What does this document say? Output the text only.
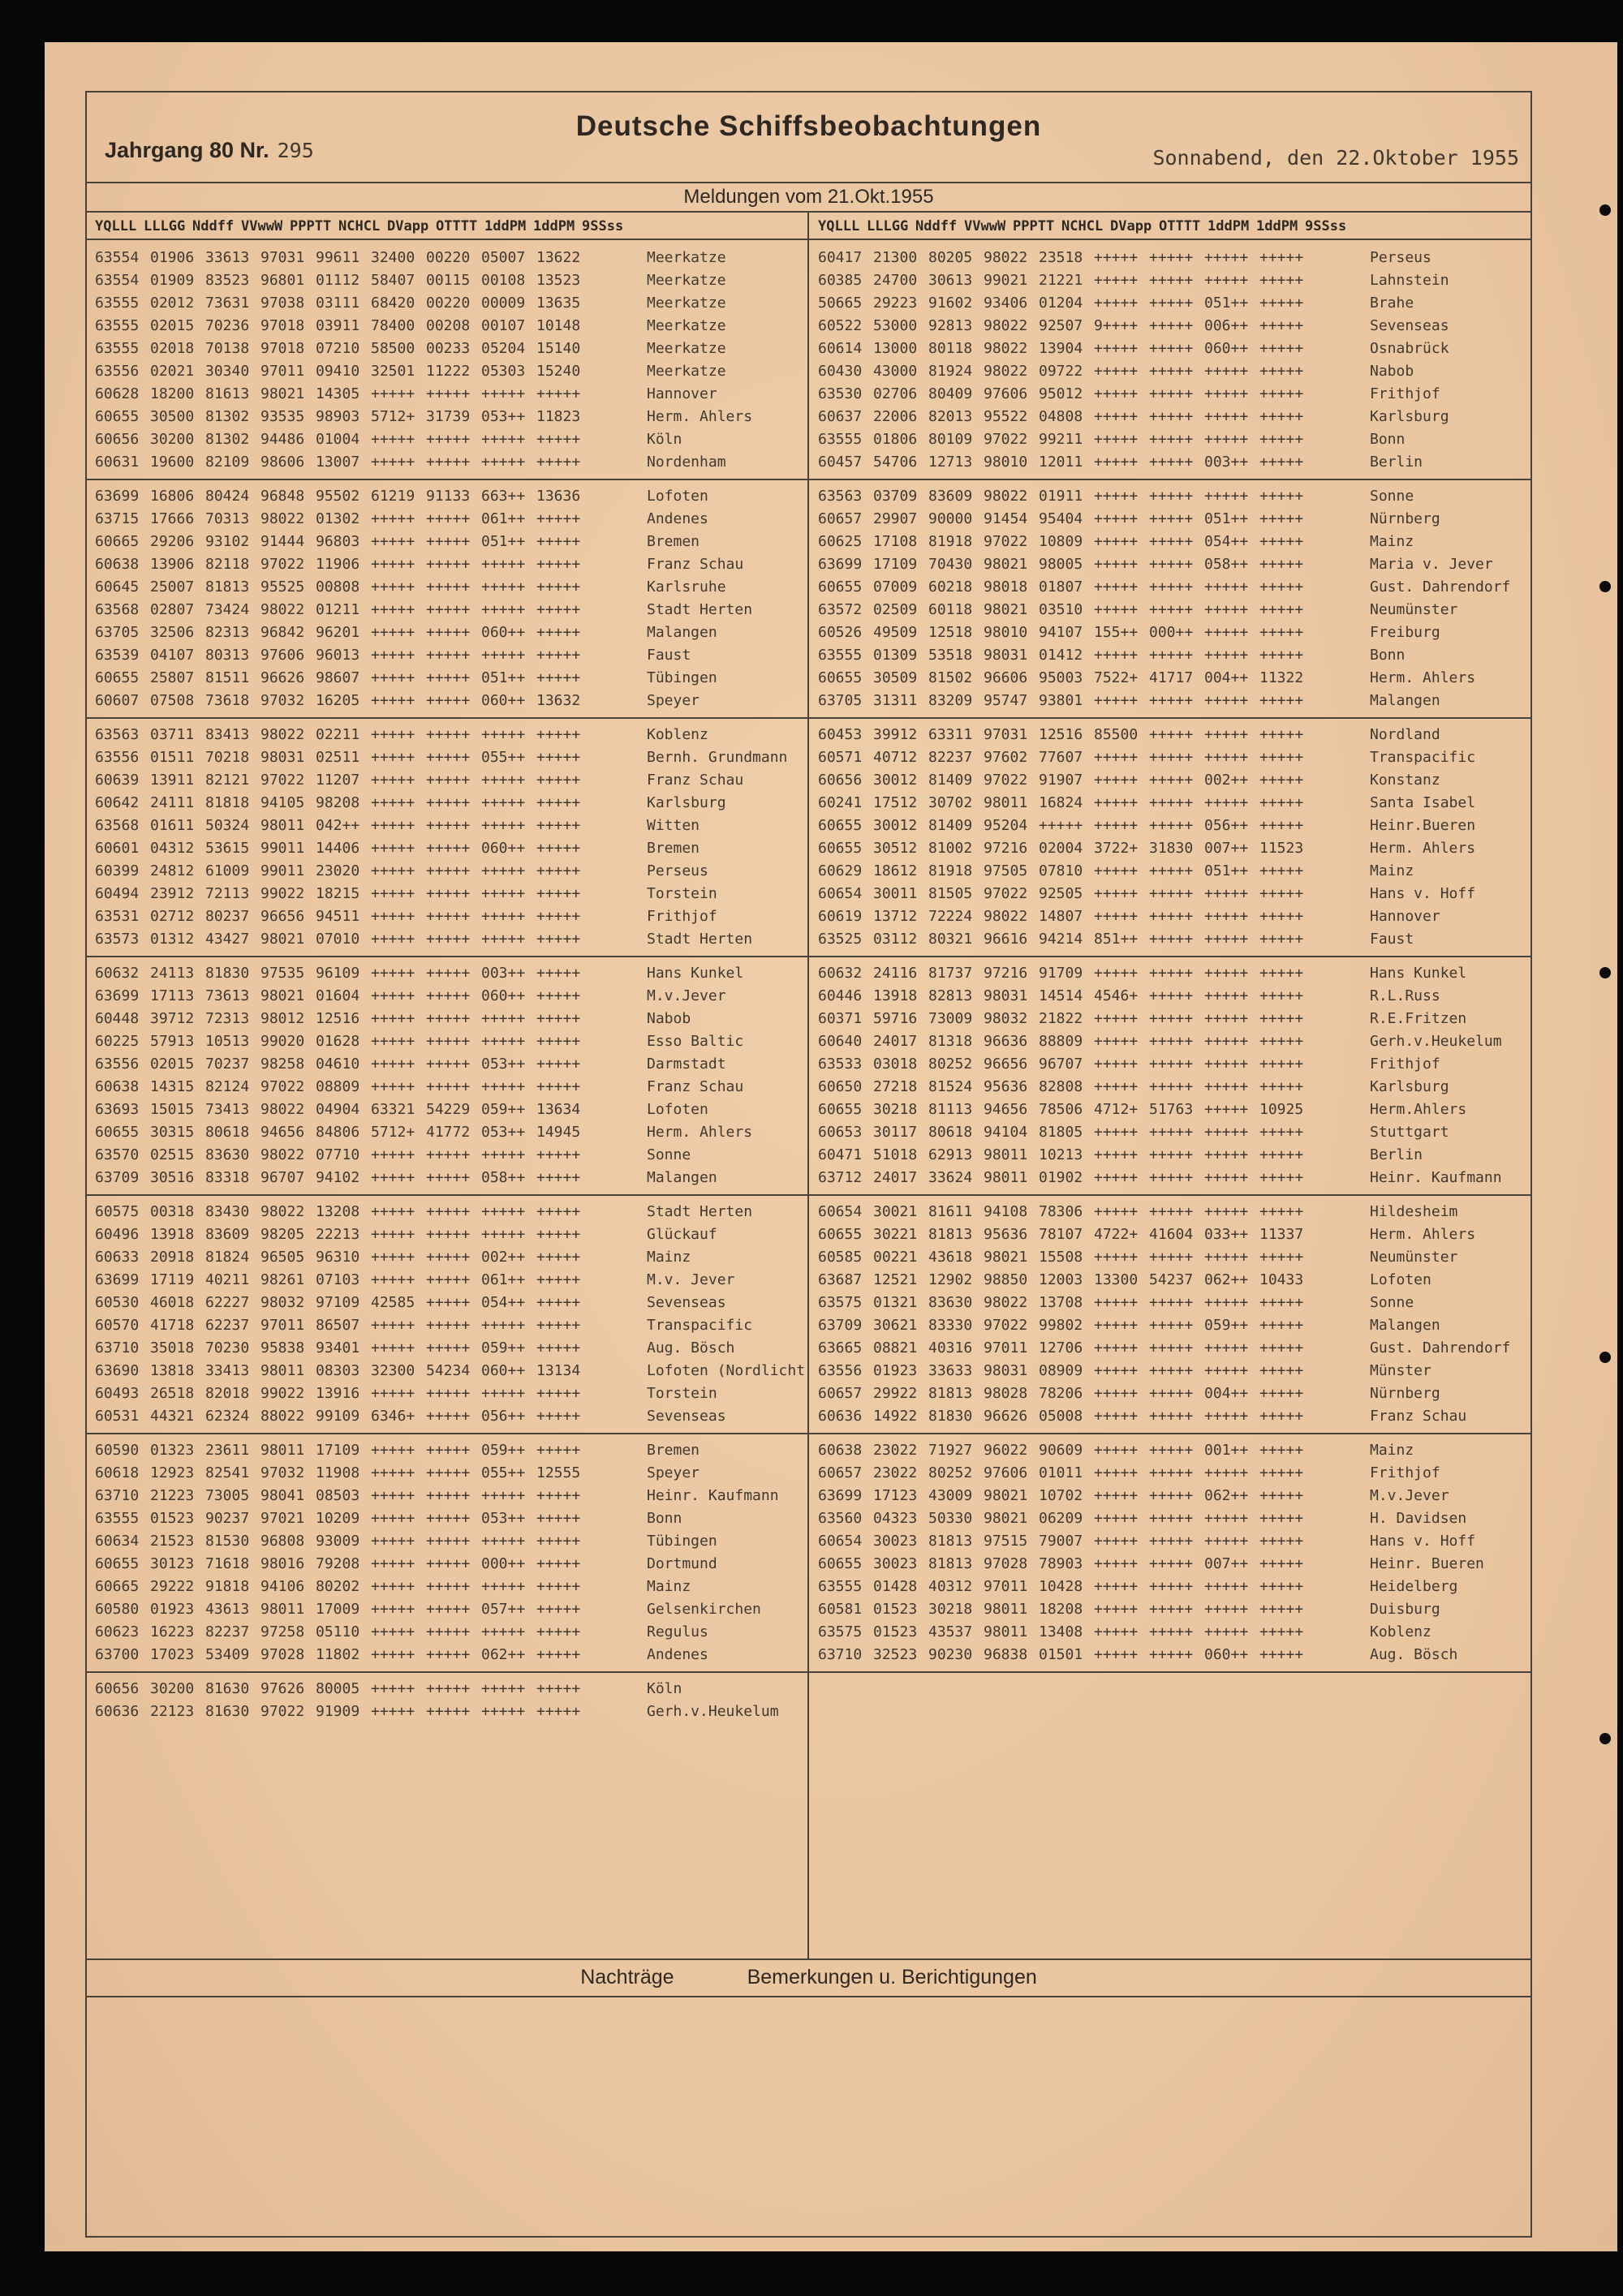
Deutsche Schiffsbeobachtungen
Jahrgang 80 Nr. 295	Sonnabend, den 22.Oktober 1955
Meldungen vom 21.Okt.1955
YQLLL LLLGG Nddff VVwwW PPPTT NCHCL DVapp OTTTT 1ddPM 1ddPM 9SSss	YQLLL LLLGG Nddff VVwwW PPPTT NCHCL DVapp OTTTT 1ddPM 1ddPM 9SSss
63554 01906 33613 97031 99611 32400 00220 05007 13622	Meerkatze
63554 01909 83523 96801 01112 58407 00115 00108 13523	Meerkatze
63555 02012 73631 97038 03111 68420 00220 00009 13635	Meerkatze
63555 02015 70236 97018 03911 78400 00208 00107 10148	Meerkatze
63555 02018 70138 97018 07210 58500 00233 05204 15140	Meerkatze
63556 02021 30340 97011 09410 32501 11222 05303 15240	Meerkatze
60628 18200 81613 98021 14305 +++++ +++++ +++++ +++++	Hannover
60655 30500 81302 93535 98903 5712+ 31739 053++ 11823	Herm. Ahlers
60656 30200 81302 94486 01004 +++++ +++++ +++++ +++++	Köln
60631 19600 82109 98606 13007 +++++ +++++ +++++ +++++	Nordenham
60417 21300 80205 98022 23518 +++++ +++++ +++++ +++++	Perseus
60385 24700 30613 99021 21221 +++++ +++++ +++++ +++++	Lahnstein
50665 29223 91602 93406 01204 +++++ +++++ 051++ +++++	Brahe
60522 53000 92813 98022 92507 9++++ +++++ 006++ +++++	Sevenseas
60614 13000 80118 98022 13904 +++++ +++++ 060++ +++++	Osnabrück
60430 43000 81924 98022 09722 +++++ +++++ +++++ +++++	Nabob
63530 02706 80409 97606 95012 +++++ +++++ +++++ +++++	Frithjof
60637 22006 82013 95522 04808 +++++ +++++ +++++ +++++	Karlsburg
63555 01806 80109 97022 99211 +++++ +++++ +++++ +++++	Bonn
60457 54706 12713 98010 12011 +++++ +++++ 003++ +++++	Berlin
63699 16806 80424 96848 95502 61219 91133 663++ 13636	Lofoten
63715 17666 70313 98022 01302 +++++ +++++ 061++ +++++	Andenes
60665 29206 93102 91444 96803 +++++ +++++ 051++ +++++	Bremen
60638 13906 82118 97022 11906 +++++ +++++ +++++ +++++	Franz Schau
60645 25007 81813 95525 00808 +++++ +++++ +++++ +++++	Karlsruhe
63568 02807 73424 98022 01211 +++++ +++++ +++++ +++++	Stadt Herten
63705 32506 82313 96842 96201 +++++ +++++ 060++ +++++	Malangen
63539 04107 80313 97606 96013 +++++ +++++ +++++ +++++	Faust
60655 25807 81511 96626 98607 +++++ +++++ 051++ +++++	Tübingen
60607 07508 73618 97032 16205 +++++ +++++ 060++ 13632	Speyer
63563 03709 83609 98022 01911 +++++ +++++ +++++ +++++	Sonne
60657 29907 90000 91454 95404 +++++ +++++ 051++ +++++	Nürnberg
60625 17108 81918 97022 10809 +++++ +++++ 054++ +++++	Mainz
63699 17109 70430 98021 98005 +++++ +++++ 058++ +++++	Maria v. Jever
60655 07009 60218 98018 01807 +++++ +++++ +++++ +++++	Gust. Dahrendorf
63572 02509 60118 98021 03510 +++++ +++++ +++++ +++++	Neumünster
60526 49509 12518 98010 94107 155++ 000++ +++++ +++++	Freiburg
63555 01309 53518 98031 01412 +++++ +++++ +++++ +++++	Bonn
60655 30509 81502 96606 95003 7522+ 41717 004++ 11322	Herm. Ahlers
63705 31311 83209 95747 93801 +++++ +++++ +++++ +++++	Malangen
63563 03711 83413 98022 02211 +++++ +++++ +++++ +++++	Koblenz
63556 01511 70218 98031 02511 +++++ +++++ 055++ +++++	Bernh. Grundmann
60639 13911 82121 97022 11207 +++++ +++++ +++++ +++++	Franz Schau
60642 24111 81818 94105 98208 +++++ +++++ +++++ +++++	Karlsburg
63568 01611 50324 98011 042++ +++++ +++++ +++++ +++++	Witten
60601 04312 53615 99011 14406 +++++ +++++ 060++ +++++	Bremen
60399 24812 61009 99011 23020 +++++ +++++ +++++ +++++	Perseus
60494 23912 72113 99022 18215 +++++ +++++ +++++ +++++	Torstein
63531 02712 80237 96656 94511 +++++ +++++ +++++ +++++	Frithjof
63573 01312 43427 98021 07010 +++++ +++++ +++++ +++++	Stadt Herten
60453 39912 63311 97031 12516 85500 +++++ +++++ +++++	Nordland
60571 40712 82237 97602 77607 +++++ +++++ +++++ +++++	Transpacific
60656 30012 81409 97022 91907 +++++ +++++ 002++ +++++	Konstanz
60241 17512 30702 98011 16824 +++++ +++++ +++++ +++++	Santa Isabel
60655 30012 81409 95204 +++++ +++++ +++++ 056++ +++++	Heinr.Bueren
60655 30512 81002 97216 02004 3722+ 31830 007++ 11523	Herm. Ahlers
60629 18612 81918 97505 07810 +++++ +++++ 051++ +++++	Mainz
60654 30011 81505 97022 92505 +++++ +++++ +++++ +++++	Hans v. Hoff
60619 13712 72224 98022 14807 +++++ +++++ +++++ +++++	Hannover
63525 03112 80321 96616 94214 851++ +++++ +++++ +++++	Faust
60632 24113 81830 97535 96109 +++++ +++++ 003++ +++++	Hans Kunkel
63699 17113 73613 98021 01604 +++++ +++++ 060++ +++++	M.v.Jever
60448 39712 72313 98012 12516 +++++ +++++ +++++ +++++	Nabob
60225 57913 10513 99020 01628 +++++ +++++ +++++ +++++	Esso Baltic
63556 02015 70237 98258 04610 +++++ +++++ 053++ +++++	Darmstadt
60638 14315 82124 97022 08809 +++++ +++++ +++++ +++++	Franz Schau
63693 15015 73413 98022 04904 63321 54229 059++ 13634	Lofoten
60655 30315 80618 94656 84806 5712+ 41772 053++ 14945	Herm. Ahlers
63570 02515 83630 98022 07710 +++++ +++++ +++++ +++++	Sonne
63709 30516 83318 96707 94102 +++++ +++++ 058++ +++++	Malangen
60632 24116 81737 97216 91709 +++++ +++++ +++++ +++++	Hans Kunkel
60446 13918 82813 98031 14514 4546+ +++++ +++++ +++++	R.L.Russ
60371 59716 73009 98032 21822 +++++ +++++ +++++ +++++	R.E.Fritzen
60640 24017 81318 96636 88809 +++++ +++++ +++++ +++++	Gerh.v.Heukelum
63533 03018 80252 96656 96707 +++++ +++++ +++++ +++++	Frithjof
60650 27218 81524 95636 82808 +++++ +++++ +++++ +++++	Karlsburg
60655 30218 81113 94656 78506 4712+ 51763 +++++ 10925	Herm.Ahlers
60653 30117 80618 94104 81805 +++++ +++++ +++++ +++++	Stuttgart
60471 51018 62913 98011 10213 +++++ +++++ +++++ +++++	Berlin
63712 24017 33624 98011 01902 +++++ +++++ +++++ +++++	Heinr. Kaufmann
60575 00318 83430 98022 13208 +++++ +++++ +++++ +++++	Stadt Herten
60496 13918 83609 98205 22213 +++++ +++++ +++++ +++++	Glückauf
60633 20918 81824 96505 96310 +++++ +++++ 002++ +++++	Mainz
63699 17119 40211 98261 07103 +++++ +++++ 061++ +++++	M.v. Jever
60530 46018 62227 98032 97109 42585 +++++ 054++ +++++	Sevenseas
60570 41718 62237 97011 86507 +++++ +++++ +++++ +++++	Transpacific
63710 35018 70230 95838 93401 +++++ +++++ 059++ +++++	Aug. Bösch
63690 13818 33413 98011 08303 32300 54234 060++ 13134	Lofoten (Nordlicht
60493 26518 82018 99022 13916 +++++ +++++ +++++ +++++	Torstein
60531 44321 62324 88022 99109 6346+ +++++ 056++ +++++	Sevenseas
60654 30021 81611 94108 78306 +++++ +++++ +++++ +++++	Hildesheim
60655 30221 81813 95636 78107 4722+ 41604 033++ 11337	Herm. Ahlers
60585 00221 43618 98021 15508 +++++ +++++ +++++ +++++	Neumünster
63687 12521 12902 98850 12003 13300 54237 062++ 10433	Lofoten
63575 01321 83630 98022 13708 +++++ +++++ +++++ +++++	Sonne
63709 30621 83330 97022 99802 +++++ +++++ 059++ +++++	Malangen
63665 08821 40316 97011 12706 +++++ +++++ +++++ +++++	Gust. Dahrendorf
63556 01923 33633 98031 08909 +++++ +++++ +++++ +++++	Münster
60657 29922 81813 98028 78206 +++++ +++++ 004++ +++++	Nürnberg
60636 14922 81830 96626 05008 +++++ +++++ +++++ +++++	Franz Schau
60590 01323 23611 98011 17109 +++++ +++++ 059++ +++++	Bremen
60618 12923 82541 97032 11908 +++++ +++++ 055++ 12555	Speyer
63710 21223 73005 98041 08503 +++++ +++++ +++++ +++++	Heinr. Kaufmann
63555 01523 90237 97021 10209 +++++ +++++ 053++ +++++	Bonn
60634 21523 81530 96808 93009 +++++ +++++ +++++ +++++	Tübingen
60655 30123 71618 98016 79208 +++++ +++++ 000++ +++++	Dortmund
60665 29222 91818 94106 80202 +++++ +++++ +++++ +++++	Mainz
60580 01923 43613 98011 17009 +++++ +++++ 057++ +++++	Gelsenkirchen
60623 16223 82237 97258 05110 +++++ +++++ +++++ +++++	Regulus
63700 17023 53409 97028 11802 +++++ +++++ 062++ +++++	Andenes
60638 23022 71927 96022 90609 +++++ +++++ 001++ +++++	Mainz
60657 23022 80252 97606 01011 +++++ +++++ +++++ +++++	Frithjof
63699 17123 43009 98021 10702 +++++ +++++ 062++ +++++	M.v.Jever
63560 04323 50330 98021 06209 +++++ +++++ +++++ +++++	H. Davidsen
60654 30023 81813 97515 79007 +++++ +++++ +++++ +++++	Hans v. Hoff
60655 30023 81813 97028 78903 +++++ +++++ 007++ +++++	Heinr. Bueren
63555 01428 40312 97011 10428 +++++ +++++ +++++ +++++	Heidelberg
60581 01523 30218 98011 18208 +++++ +++++ +++++ +++++	Duisburg
63575 01523 43537 98011 13408 +++++ +++++ +++++ +++++	Koblenz
63710 32523 90230 96838 01501 +++++ +++++ 060++ +++++	Aug. Bösch
60656 30200 81630 97626 80005 +++++ +++++ +++++ +++++	Köln
60636 22123 81630 97022 91909 +++++ +++++ +++++ +++++	Gerh.v.Heukelum
Nachträge	Bemerkungen u. Berichtigungen
